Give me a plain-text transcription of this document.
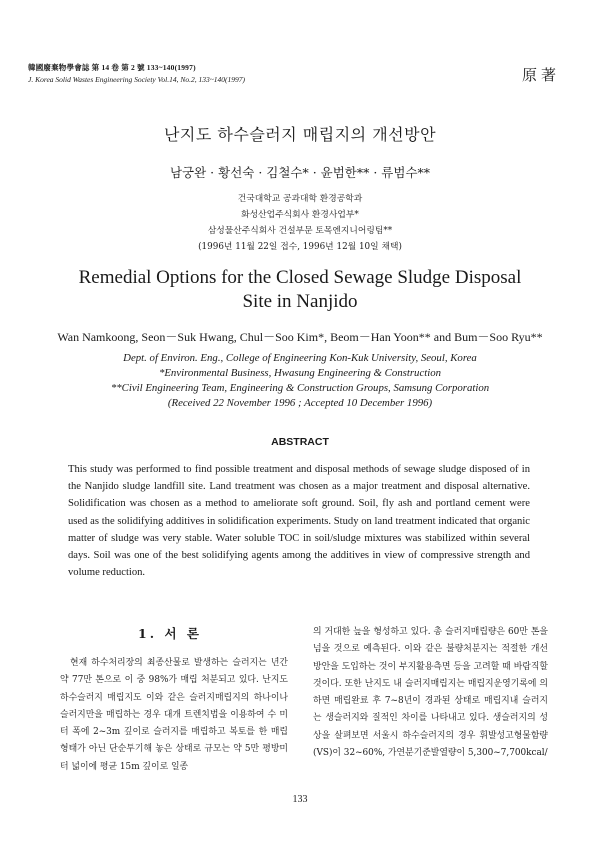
韓國廢棄物學會誌 第 14 卷 第 2 號 133~140(1997)
J. Korea Solid Wastes Engineering Society Vol.14, No.2, 133~140(1997)	原著
난지도 하수슬러지 매립지의 개선방안
남궁완 · 황선숙 · 김철수* · 윤범한** · 류범수**
건국대학교 공과대학 환경공학과
화성산업주식회사 환경사업부*
삼성물산주식회사 건설부문 토목엔지니어링팀**
(1996년 11월 22일 접수, 1996년 12월 10일 채택)
Remedial Options for the Closed Sewage Sludge Disposal
Site in Nanjido
Wan Namkoong, Seon－Suk Hwang, Chul－Soo Kim*, Beom－Han Yoon** and Bum－Soo Ryu**
Dept. of Environ. Eng., College of Engineering Kon-Kuk University, Seoul, Korea
*Environmental Business, Hwasung Engineering & Construction
**Civil Engineering Team, Engineering & Construction Groups, Samsung Corporation
(Received 22 November 1996 ; Accepted 10 December 1996)
ABSTRACT

This study was performed to find possible treatment and disposal methods of sewage sludge disposed of in the Nanjido sludge landfill site. Land treatment was chosen as a major treatment and disposal alternative. Solidification was chosen as a method to ameliorate soft ground. Soil, fly ash and portland cement were used as the solidifying additives in solidification experiments. Study on land treatment indicated that organic matter of sludge was very stable. Water soluble TOC in soil/sludge mixtures was stabilized within several days. Soil was one of the best solidifying agents among the additives in view of compressive strength and volume reduction.

1. 서 론

현재 하수처리장의 최종산물로 발생하는 슬러지는 년간 약 77만 톤으로 이 중 98%가 매립 처분되고 있다. 난지도 하수슬러지 매립지도 이와 같은 슬러지매립지의 하나이나 슬러지만을 매립하는 경우 대개 트렌치법을 이용하여 수 미터 폭에 2~3m 깊이로 슬러지를 매립하고 복토를 한 매립형태가 아닌 단순투기해 놓은 상태로 규모는 약 5만 평방미터 넓이에 평균 15m 깊이로 일종

의 거대한 늪을 형성하고 있다. 총 슬러지매립량은 60만 톤을 넘을 것으로 예측된다. 이와 같은 불량처분지는 적절한 개선방안을 도입하는 것이 부지활용측면 등을 고려할 때 바람직할 것이다. 또한 난지도 내 슬러지매립지는 매립지운영기록에 의하면 매립완료 후 7~8년이 경과된 상태로 매립지내 슬러지는 생슬러지와 질적인 차이를 나타내고 있다. 생슬러지의 성상을 살펴보면 서울시 하수슬러지의 경우 휘발성고형물함량(VS)이 32~60%, 가연분기준발열량이 5,300~7,700kcal/

133
